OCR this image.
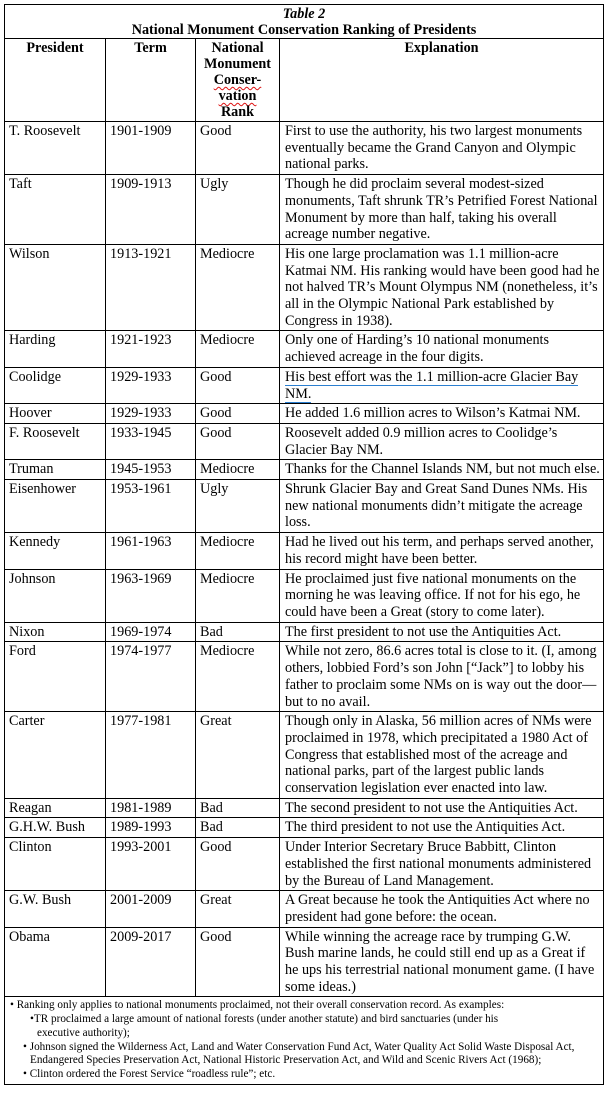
Table 2
National Monument Conservation Ranking of Presidents			

President	Term	National
Monument
Conser-
vation
Rank	Explanation
T. Roosevelt	1901-1909	Good	First to use the authority, his two largest monuments eventually became the Grand Canyon and Olympic national parks.
Taft	1909-1913	Ugly	Though he did proclaim several modest-sized monuments, Taft shrunk TR’s Petrified Forest National Monument by more than half, taking his overall acreage number negative.
Wilson	1913-1921	Mediocre	His one large proclamation was 1.1 million-acre Katmai NM. His ranking would have been good had he not halved TR’s Mount Olympus NM (nonetheless, it’s all in the Olympic National Park established by Congress in 1938).
Harding	1921-1923	Mediocre	Only one of Harding’s 10 national monuments achieved acreage in the four digits.
Coolidge	1929-1933	Good	His best effort was the 1.1 million-acre Glacier Bay NM.
Hoover	1929-1933	Good	He added 1.6 million acres to Wilson’s Katmai NM.
F. Roosevelt	1933-1945	Good	Roosevelt added 0.9 million acres to Coolidge’s Glacier Bay NM.
Truman	1945-1953	Mediocre	Thanks for the Channel Islands NM, but not much else.
Eisenhower	1953-1961	Ugly	Shrunk Glacier Bay and Great Sand Dunes NMs. His new national monuments didn’t mitigate the acreage loss.
Kennedy	1961-1963	Mediocre	Had he lived out his term, and perhaps served another, his record might have been better.
Johnson	1963-1969	Mediocre	He proclaimed just five national monuments on the morning he was leaving office. If not for his ego, he could have been a Great (story to come later).
Nixon	1969-1974	Bad	The first president to not use the Antiquities Act.
Ford	1974-1977	Mediocre	While not zero, 86.6 acres total is close to it. (I, among others, lobbied Ford’s son John [“Jack”] to lobby his father to proclaim some NMs on is way out the door—but to no avail.
Carter	1977-1981	Great	Though only in Alaska, 56 million acres of NMs were proclaimed in 1978, which precipitated a 1980 Act of Congress that established most of the acreage and national parks, part of the largest public lands conservation legislation ever enacted into law.
Reagan	1981-1989	Bad	The second president to not use the Antiquities Act.
G.H.W. Bush	1989-1993	Bad	The third president to not use the Antiquities Act.
Clinton	1993-2001	Good	Under Interior Secretary Bruce Babbitt, Clinton established the first national monuments administered by the Bureau of Land Management.
G.W. Bush	2001-2009	Great	A Great because he took the Antiquities Act where no president had gone before: the ocean.
Obama	2009-2017	Good	While winning the acreage race by trumping G.W. Bush marine lands, he could still end up as a Great if he ups his terrestrial national monument game. (I have some ideas.)

• Ranking only applies to national monuments proclaimed, not their overall conservation record. As examples:
•TR proclaimed a large amount of national forests (under another statute) and bird sanctuaries (under his
executive authority);
• Johnson signed the Wilderness Act, Land and Water Conservation Fund Act, Water Quality Act Solid Waste Disposal Act, Endangered Species Preservation Act, National Historic Preservation Act, and Wild and Scenic Rivers Act (1968);
• Clinton ordered the Forest Service “roadless rule”; etc.			
